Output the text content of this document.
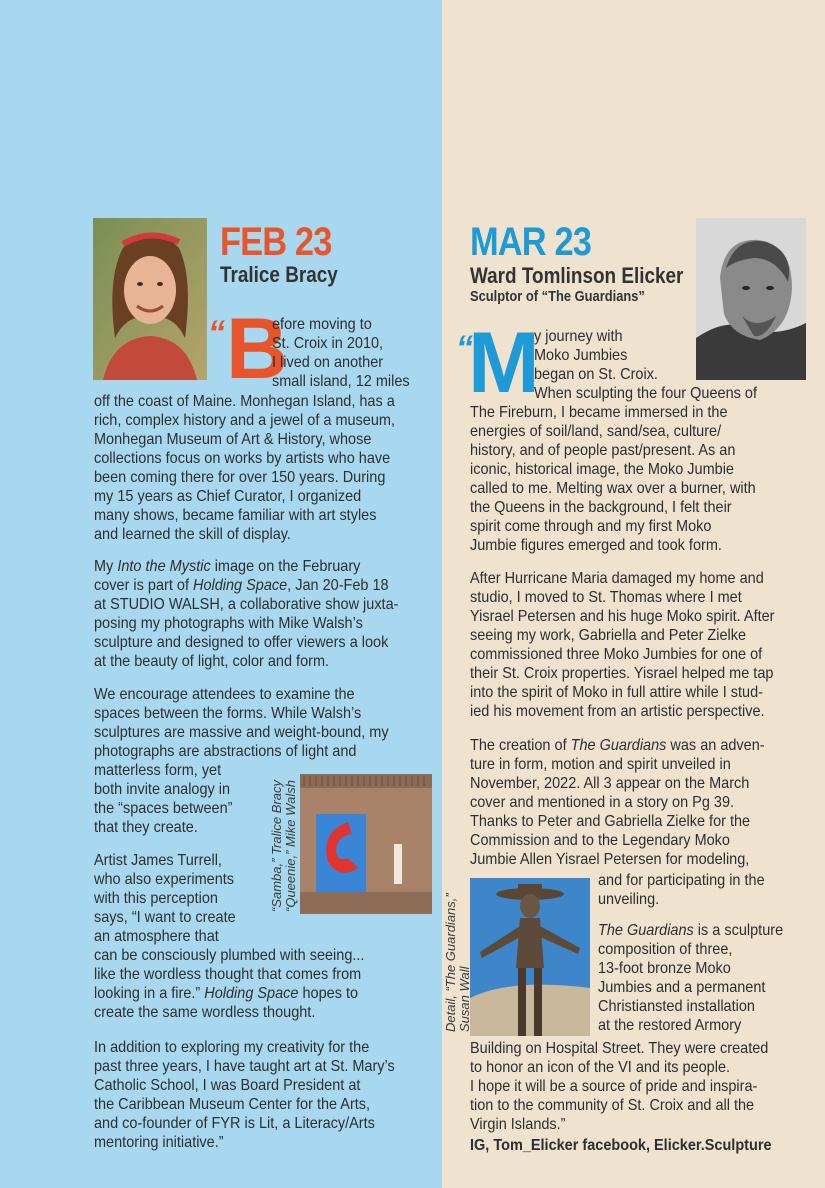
FEB 23
Tralice Bracy
“ B
efore moving to
St. Croix in 2010,
I lived on another
small island, 12 miles
off the coast of Maine. Monhegan Island, has a
rich, complex history and a jewel of a museum,
Monhegan Museum of Art & History, whose
collections focus on works by artists who have
been coming there for over 150 years. During
my 15 years as Chief Curator, I organized
many shows, became familiar with art styles
and learned the skill of display.
My Into the Mystic image on the February
cover is part of Holding Space, Jan 20-Feb 18
at STUDIO WALSH, a collaborative show juxta-
posing my photographs with Mike Walsh’s
sculpture and designed to offer viewers a look
at the beauty of light, color and form.
We encourage attendees to examine the
spaces between the forms. While Walsh’s
sculptures are massive and weight-bound, my
photographs are abstractions of light and
matterless form, yet
both invite analogy in
the “spaces between”
that they create.
Artist James Turrell,
who also experiments
with this perception
says, “I want to create
an atmosphere that
can be consciously plumbed with seeing...
like the wordless thought that comes from
looking in a fire.” Holding Space hopes to
create the same wordless thought.
In addition to exploring my creativity for the
past three years, I have taught art at St. Mary’s
Catholic School, I was Board President at
the Caribbean Museum Center for the Arts,
and co-founder of FYR is Lit, a Literacy/Arts
mentoring initiative.”
“Samba,” Tralice Bracy “Queenie,” Mike Walsh
MAR 23
Ward Tomlinson Elicker
Sculptor of “The Guardians”
“
M
y journey with
Moko Jumbies
began on St. Croix.
When sculpting the four Queens of
The Fireburn, I became immersed in the
energies of soil/land, sand/sea, culture/
history, and of people past/present. As an
iconic, historical image, the Moko Jumbie
called to me. Melting wax over a burner, with
the Queens in the background, I felt their
spirit come through and my first Moko
Jumbie figures emerged and took form.
After Hurricane Maria damaged my home and
studio, I moved to St. Thomas where I met
Yisrael Petersen and his huge Moko spirit. After
seeing my work, Gabriella and Peter Zielke
commissioned three Moko Jumbies for one of
their St. Croix properties. Yisrael helped me tap
into the spirit of Moko in full attire while I stud-
ied his movement from an artistic perspective.
The creation of The Guardians was an adven-
ture in form, motion and spirit unveiled in
November, 2022. All 3 appear on the March
cover and mentioned in a story on Pg 39.
Thanks to Peter and Gabriella Zielke for the
Commission and to the Legendary Moko
Jumbie Allen Yisrael Petersen for modeling,
and for participating in the
unveiling.
The Guardians is a sculpture
composition of three,
13-foot bronze Moko
Jumbies and a permanent
Christiansted installation
at the restored Armory
Building on Hospital Street. They were created
to honor an icon of the VI and its people.
I hope it will be a source of pride and inspira-
tion to the community of St. Croix and all the
Virgin Islands.”
Detail, “The Guardians,” Susan Wall
IG, Tom_Elicker facebook, Elicker.Sculpture
